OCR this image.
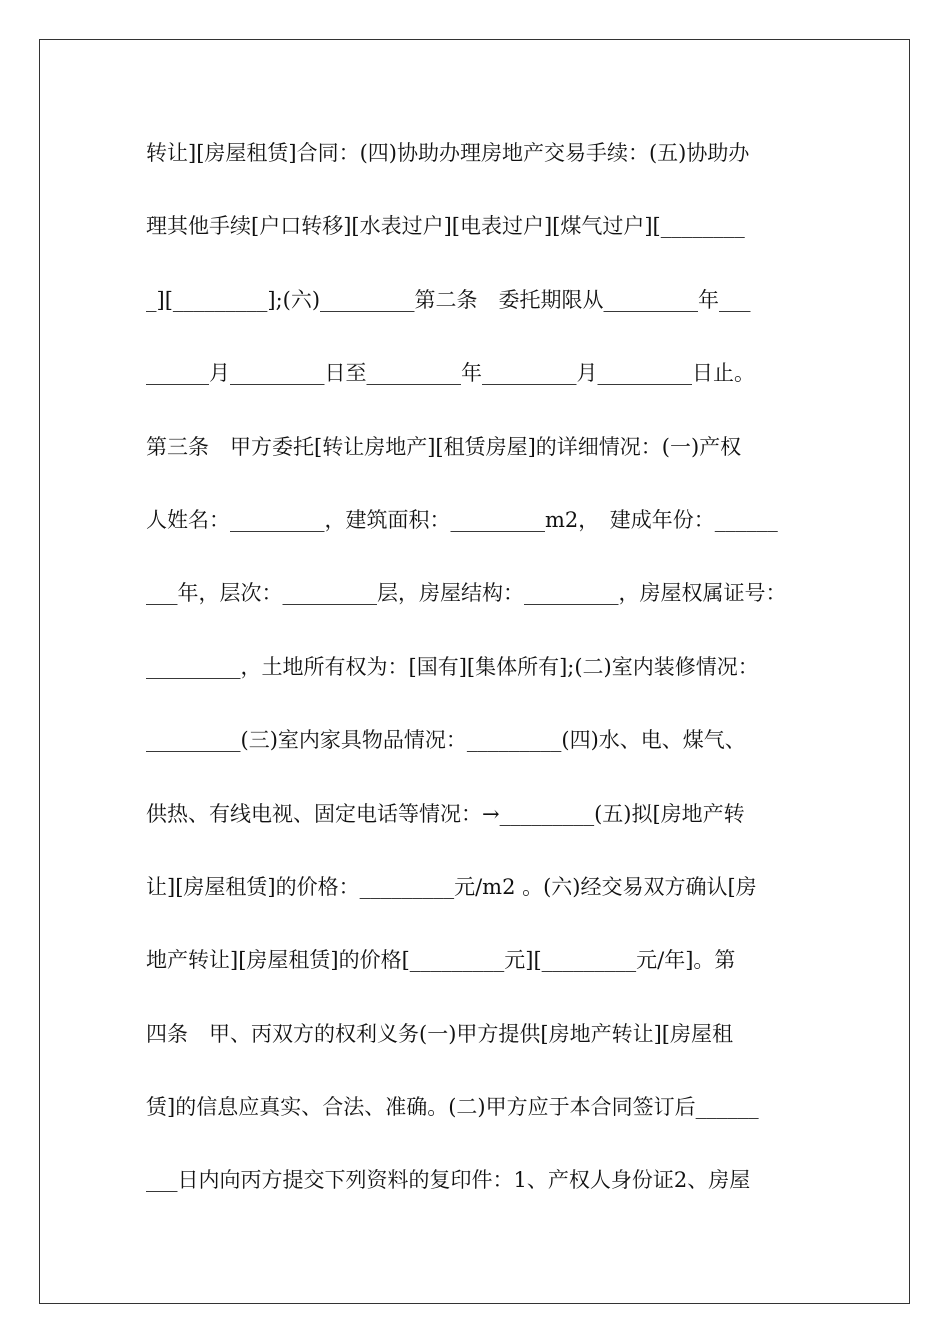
转让][房屋租赁]合同：(四)协助办理房地产交易手续：(五)协助办
理其他手续[户口转移][水表过户][电表过户][煤气过户][________
_][_________];(六)_________第二条　委托期限从_________年___
______月_________日至_________年_________月_________日止。
第三条　甲方委托[转让房地产][租赁房屋]的详细情况：(一)产权
人姓名：_________，建筑面积：_________m2，　建成年份：______
___年，层次：_________层，房屋结构：_________，房屋权属证号：
_________，土地所有权为：[国有][集体所有];(二)室内装修情况：
_________(三)室内家具物品情况：_________(四)水、电、煤气、
供热、有线电视、固定电话等情况：→_________(五)拟[房地产转
让][房屋租赁]的价格：_________元/m2 。(六)经交易双方确认[房
地产转让][房屋租赁]的价格[_________元][_________元/年]。第
四条　甲、丙双方的权利义务(一)甲方提供[房地产转让][房屋租
赁]的信息应真实、合法、准确。(二)甲方应于本合同签订后______
___日内向丙方提交下列资料的复印件：1、产权人身份证2、房屋
